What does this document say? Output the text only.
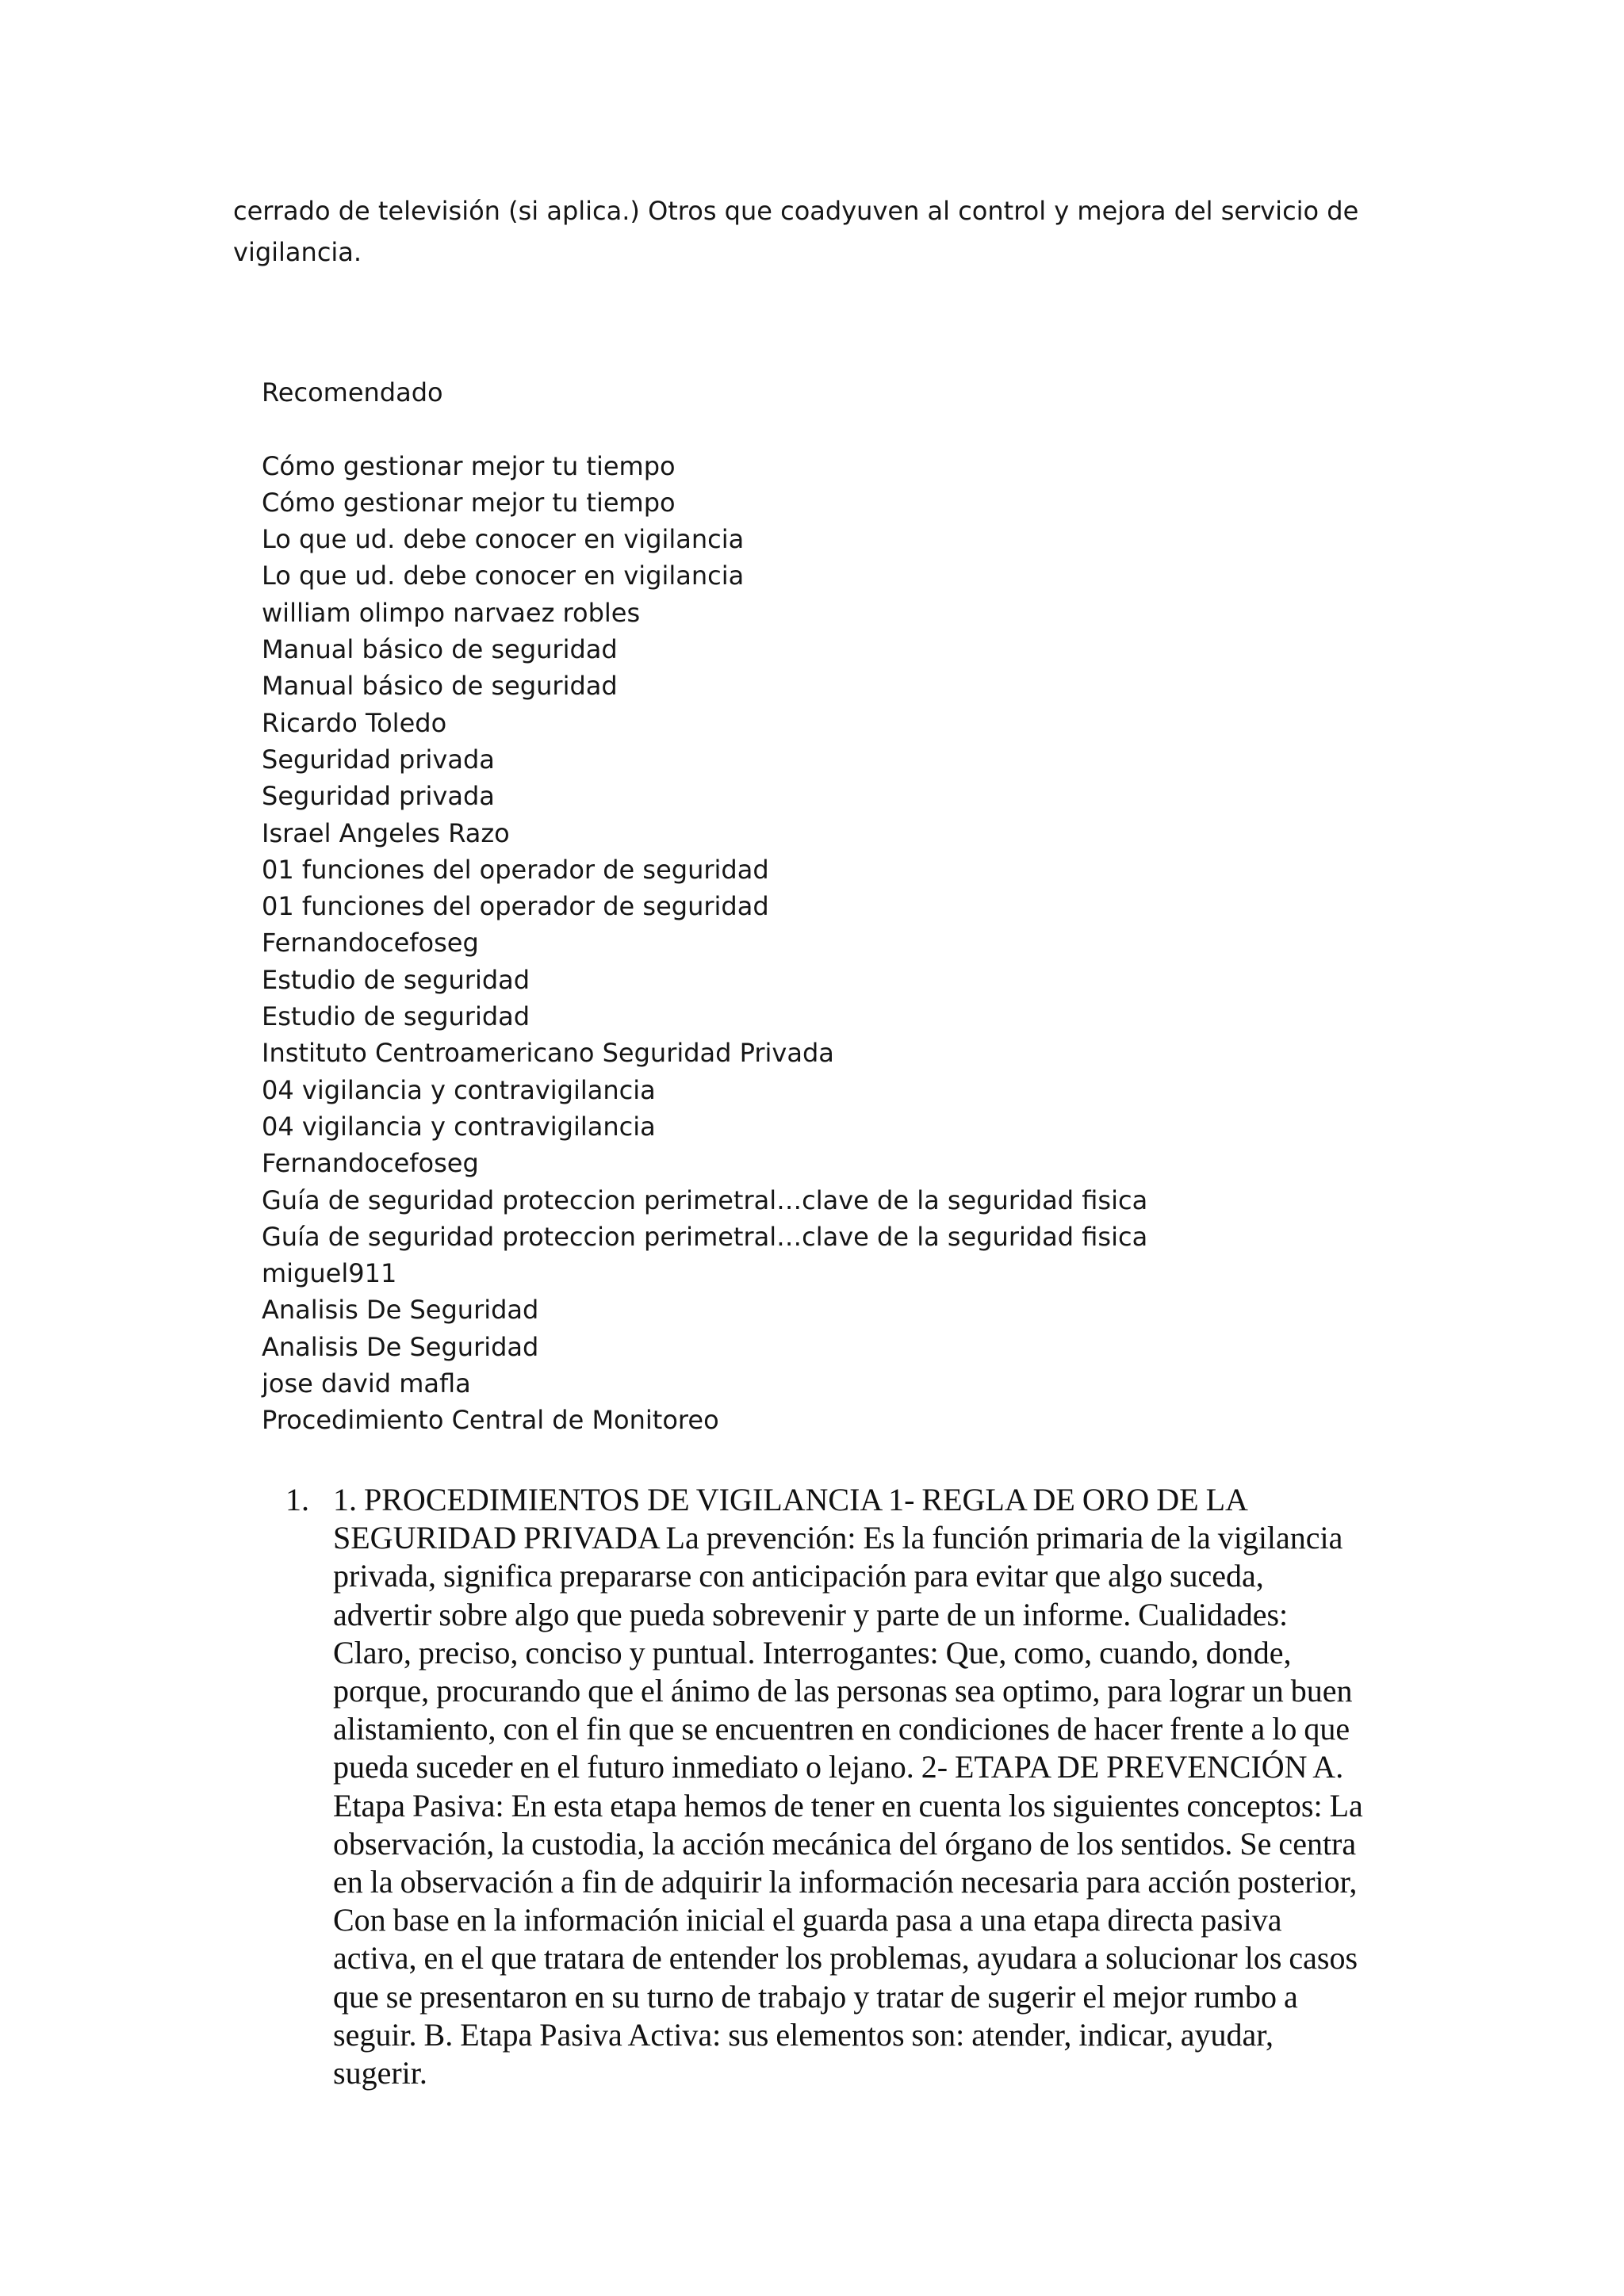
cerrado de televisión (si aplica.) Otros que coadyuven al control y mejora del servicio de vigilancia.

Recomendado
Cómo gestionar mejor tu tiempo
Cómo gestionar mejor tu tiempo
Lo que ud. debe conocer en vigilancia
Lo que ud. debe conocer en vigilancia
william olimpo narvaez robles
Manual básico de seguridad
Manual básico de seguridad
Ricardo Toledo
Seguridad privada
Seguridad privada
Israel Angeles Razo
01 funciones del operador de seguridad
01 funciones del operador de seguridad
Fernandocefoseg
Estudio de seguridad
Estudio de seguridad
Instituto Centroamericano Seguridad Privada
04 vigilancia y contravigilancia
04 vigilancia y contravigilancia
Fernandocefoseg
Guía de seguridad proteccion perimetral…clave de la seguridad fisica
Guía de seguridad proteccion perimetral…clave de la seguridad fisica
miguel911
Analisis De Seguridad
Analisis De Seguridad
jose david mafla
Procedimiento Central de Monitoreo
1. 1. PROCEDIMIENTOS DE VIGILANCIA 1- REGLA DE ORO DE LA SEGURIDAD PRIVADA La prevención: Es la función primaria de la vigilancia privada, significa prepararse con anticipación para evitar que algo suceda, advertir sobre algo que pueda sobrevenir y parte de un informe. Cualidades: Claro, preciso, conciso y puntual. Interrogantes: Que, como, cuando, donde, porque, procurando que el ánimo de las personas sea optimo, para lograr un buen alistamiento, con el fin que se encuentren en condiciones de hacer frente a lo que pueda suceder en el futuro inmediato o lejano. 2- ETAPA DE PREVENCIÓN A. Etapa Pasiva: En esta etapa hemos de tener en cuenta los siguientes conceptos: La observación, la custodia, la acción mecánica del órgano de los sentidos. Se centra en la observación a fin de adquirir la información necesaria para acción posterior, Con base en la información inicial el guarda pasa a una etapa directa pasiva activa, en el que tratara de entender los problemas, ayudara a solucionar los casos que se presentaron en su turno de trabajo y tratar de sugerir el mejor rumbo a seguir. B. Etapa Pasiva Activa: sus elementos son: atender, indicar, ayudar, sugerir.
